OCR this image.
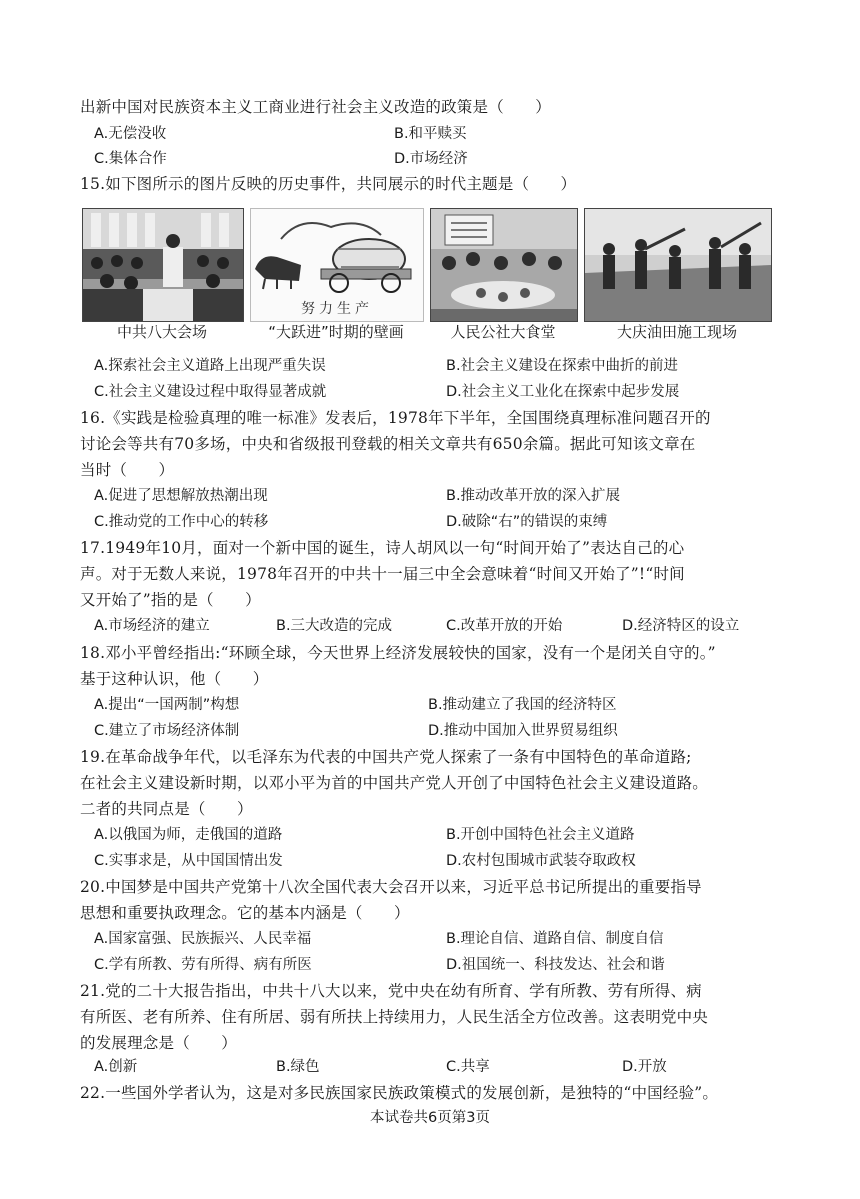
出新中国对民族资本主义工商业进行社会主义改造的政策是（　　）
A.无偿没收	B.和平赎买
C.集体合作	D.市场经济
15.如下图所示的图片反映的历史事件，共同展示的时代主题是（　　）
努力生产
中共八大会场	“大跃进”时期的壁画	人民公社大食堂	大庆油田施工现场
A.探索社会主义道路上出现严重失误	B.社会主义建设在探索中曲折的前进
C.社会主义建设过程中取得显著成就	D.社会主义工业化在探索中起步发展
16.《实践是检验真理的唯一标准》发表后，1978年下半年，全国围绕真理标准问题召开的
讨论会等共有70多场，中央和省级报刊登载的相关文章共有650余篇。据此可知该文章在
当时（　　）
A.促进了思想解放热潮出现	B.推动改革开放的深入扩展
C.推动党的工作中心的转移	D.破除“右”的错误的束缚
17.1949年10月，面对一个新中国的诞生，诗人胡风以一句“时间开始了”表达自己的心
声。对于无数人来说，1978年召开的中共十一届三中全会意味着“时间又开始了”!“时间
又开始了”指的是（　　）
A.市场经济的建立	B.三大改造的完成	C.改革开放的开始	D.经济特区的设立
18.邓小平曾经指出:“环顾全球，今天世界上经济发展较快的国家，没有一个是闭关自守的。”
基于这种认识，他（　　）
A.提出“一国两制”构想	B.推动建立了我国的经济特区
C.建立了市场经济体制	D.推动中国加入世界贸易组织
19.在革命战争年代，以毛泽东为代表的中国共产党人探索了一条有中国特色的革命道路;
在社会主义建设新时期，以邓小平为首的中国共产党人开创了中国特色社会主义建设道路。
二者的共同点是（　　）
A.以俄国为师，走俄国的道路	B.开创中国特色社会主义道路
C.实事求是，从中国国情出发	D.农村包围城市武装夺取政权
20.中国梦是中国共产党第十八次全国代表大会召开以来，习近平总书记所提出的重要指导
思想和重要执政理念。它的基本内涵是（　　）
A.国家富强、民族振兴、人民幸福	B.理论自信、道路自信、制度自信
C.学有所教、劳有所得、病有所医	D.祖国统一、科技发达、社会和谐
21.党的二十大报告指出，中共十八大以来，党中央在幼有所育、学有所教、劳有所得、病
有所医、老有所养、住有所居、弱有所扶上持续用力，人民生活全方位改善。这表明党中央
的发展理念是（　　）
A.创新	B.绿色	C.共享	D.开放
22.一些国外学者认为，这是对多民族国家民族政策模式的发展创新，是独特的“中国经验”。
本试卷共6页第3页
